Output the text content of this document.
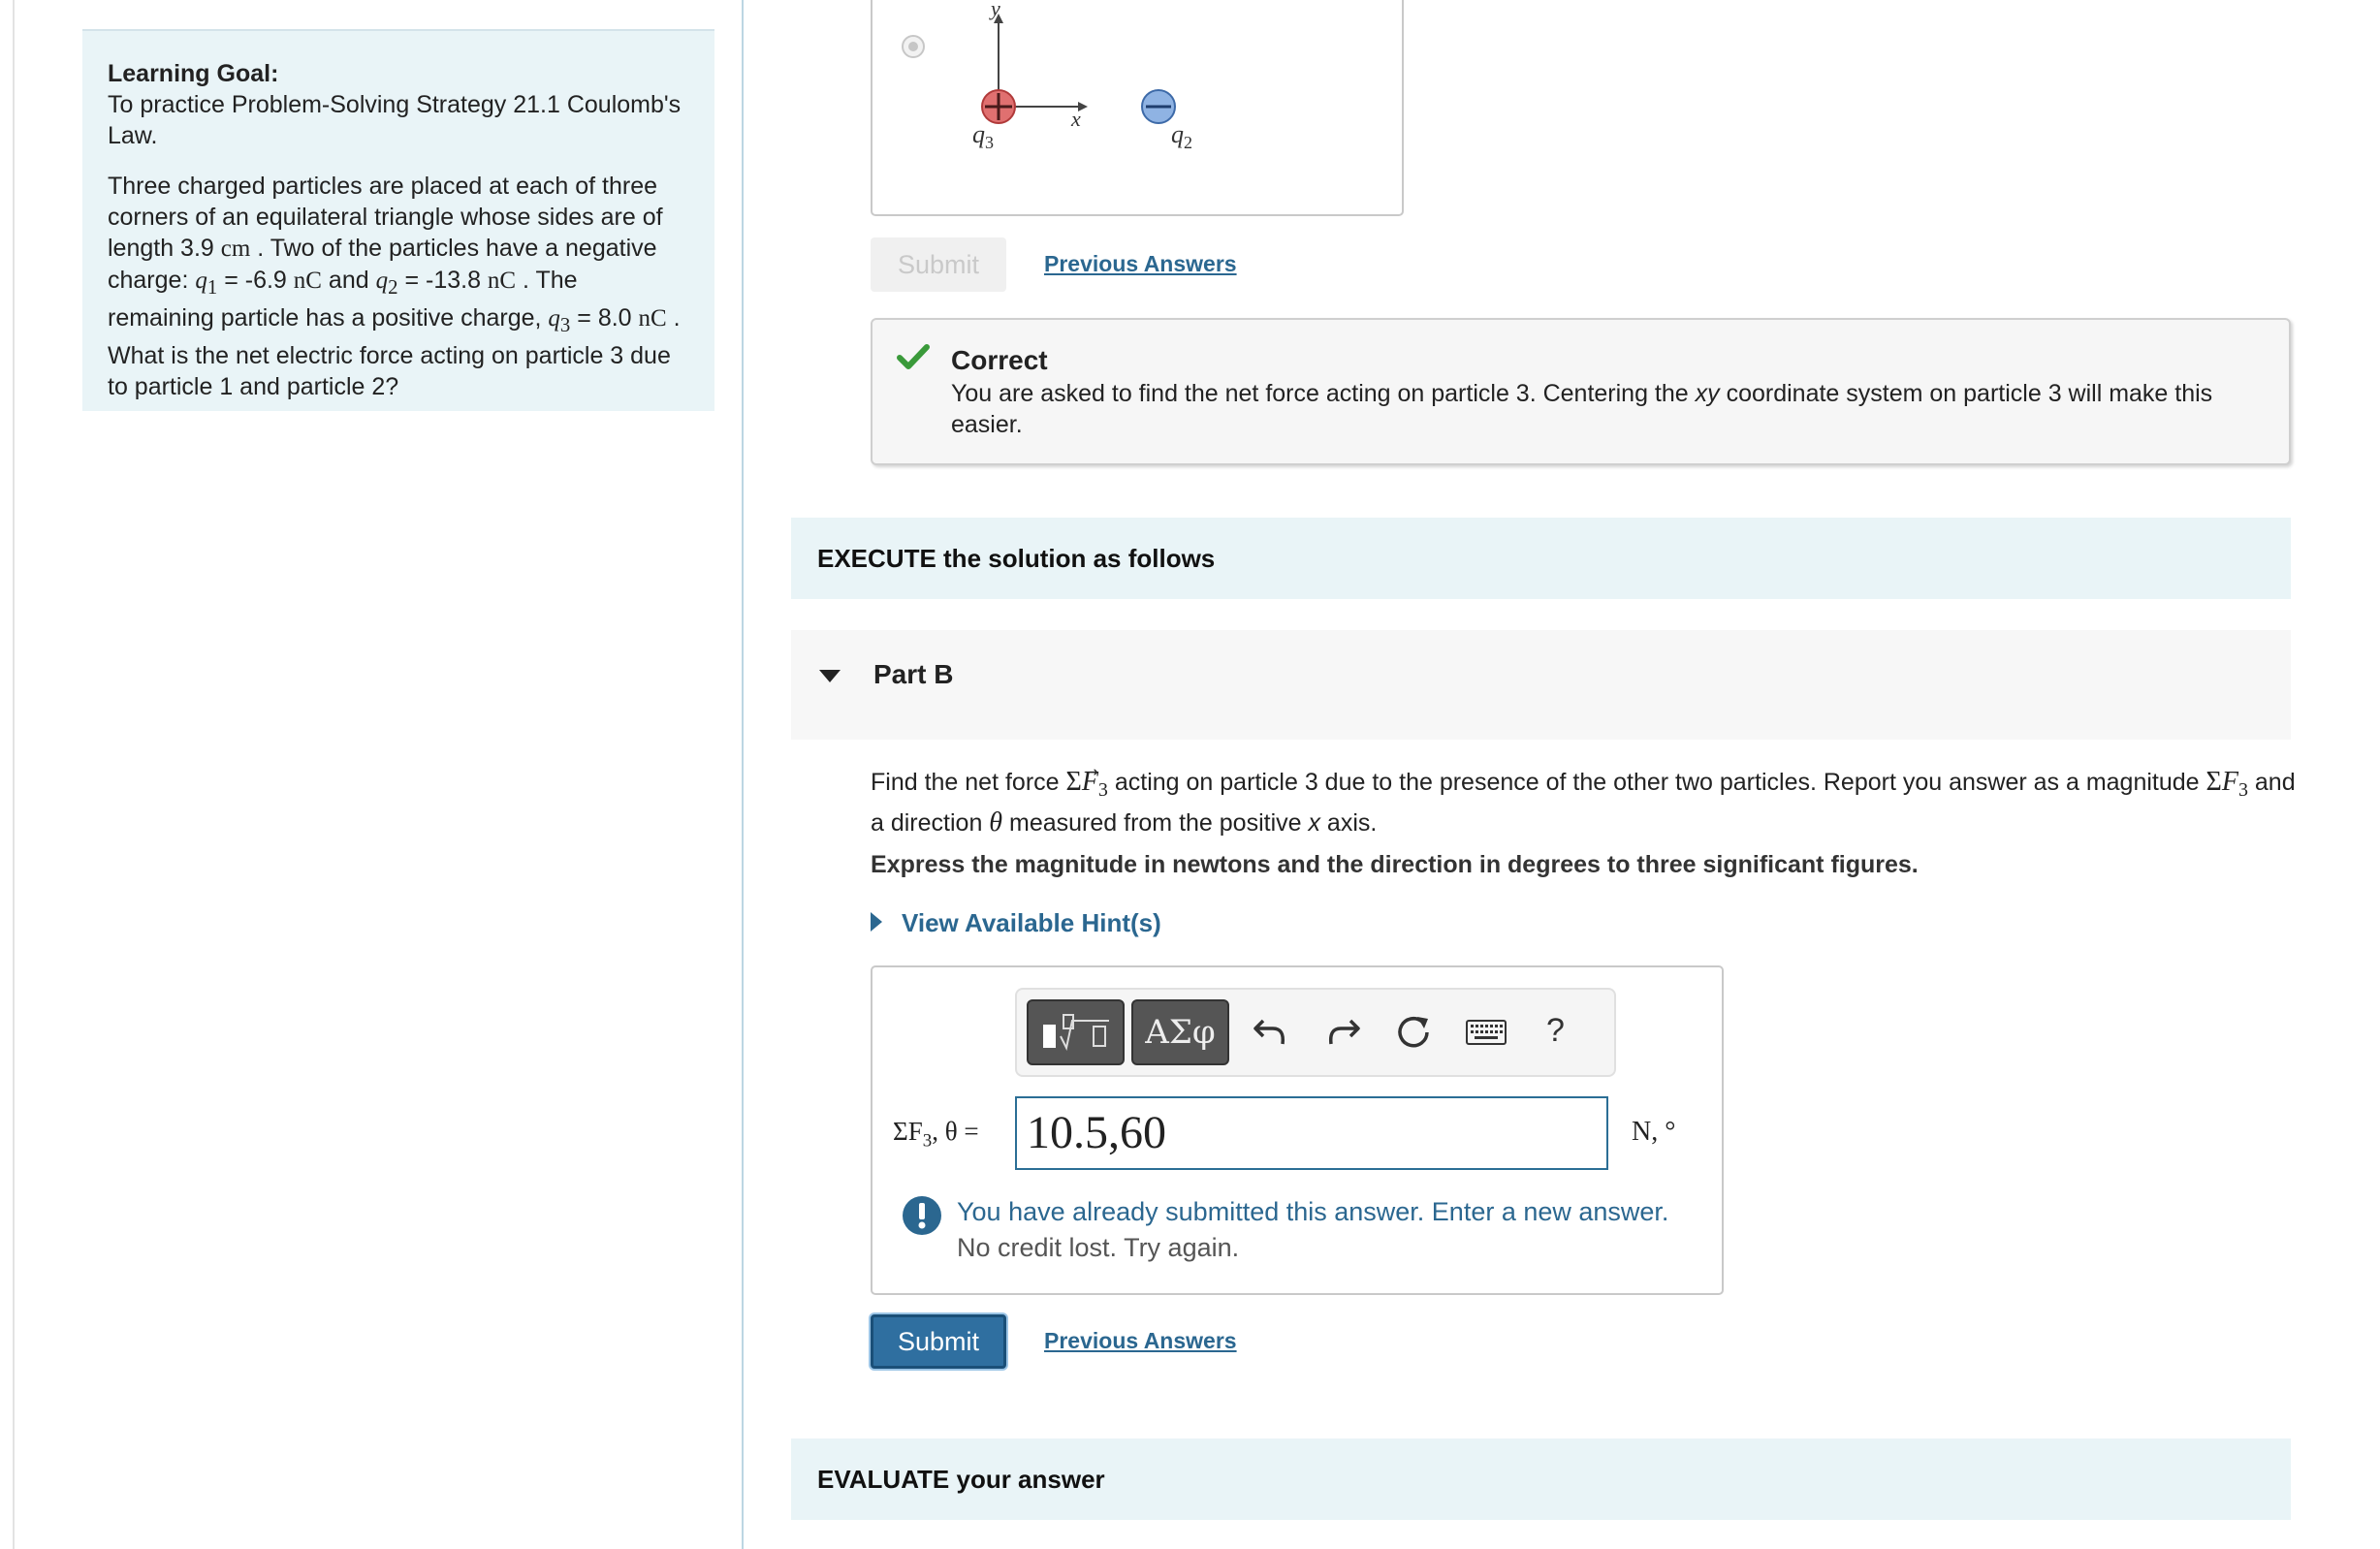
Learning Goal:

To practice Problem-Solving Strategy 21.1 Coulomb's Law.

Three charged particles are placed at each of three corners of an equilateral triangle whose sides are of length 3.9 cm . Two of the particles have a negative charge: $q_1 = -6.9$ nC and $q_2 = -13.8$ nC . The remaining particle has a positive charge, $q_3 = 8.0$ nC . What is the net electric force acting on particle 3 due to particle 1 and particle 2?

y
x
$q_3$	$q_2$
Submit	Previous Answers
Correct
You are asked to find the net force acting on particle 3. Centering the xy coordinate system on particle 3 will make this easier.
EXECUTE the solution as follows
Part B
Find the net force $\Sigma F_3$ acting on particle 3 due to the presence of the other two particles. Report you answer as a magnitude $\Sigma F_3$ and a direction θ measured from the positive x axis.
Express the magnitude in newtons and the direction in degrees to three significant figures.
View Available Hint(s)
ΑΣφ	?
$\Sigma F_3$, θ = 10.5,60	N, °
You have already submitted this answer. Enter a new answer.
No credit lost. Try again.
Submit	Previous Answers
EVALUATE your answer
